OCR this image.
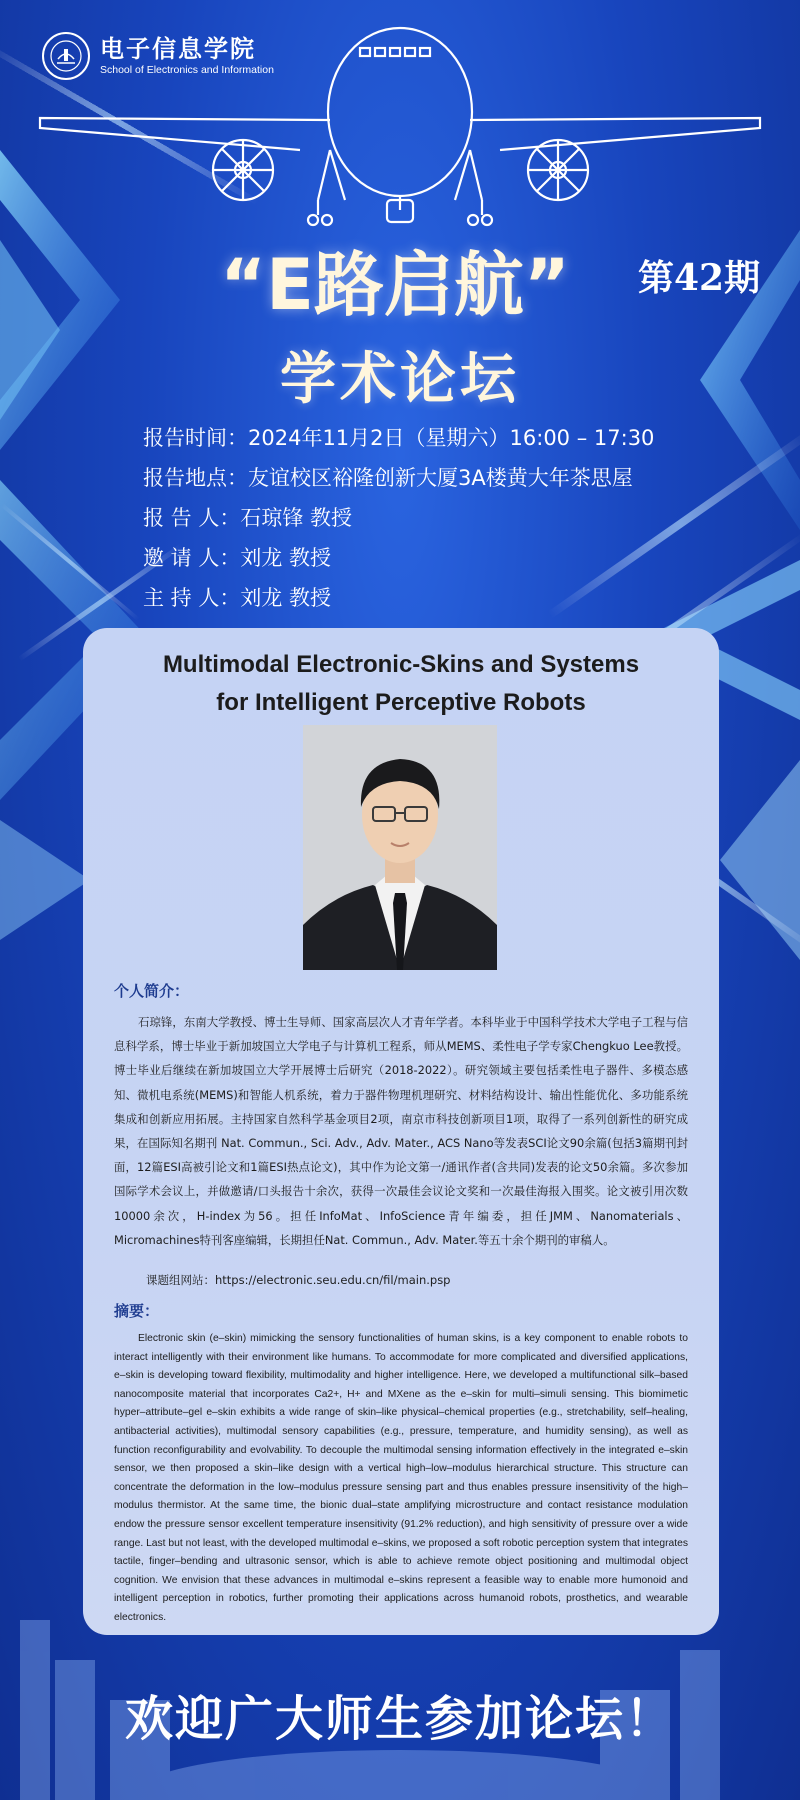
电子信息学院
School of Electronics and Information
“E路启航”	第42期
学术论坛
报告时间： 2024年11月2日（星期六）16:00 – 17:30
报告地点： 友谊校区裕隆创新大厦3A楼黄大年茶思屋
报 告 人： 石琼锋 教授
邀 请 人： 刘龙 教授
主 持 人： 刘龙 教授
Multimodal Electronic-Skins and Systems
for Intelligent Perceptive Robots
个人简介：
石琼锋，东南大学教授、博士生导师、国家高层次人才青年学者。本科毕业于中国科学技术大学电子工程与信息科学系，博士毕业于新加坡国立大学电子与计算机工程系，师从MEMS、柔性电子学专家Chengkuo Lee教授。博士毕业后继续在新加坡国立大学开展博士后研究（2018-2022）。研究领域主要包括柔性电子器件、多模态感知、微机电系统(MEMS)和智能人机系统，着力于器件物理机理研究、材料结构设计、输出性能优化、多功能系统集成和创新应用拓展。主持国家自然科学基金项目2项，南京市科技创新项目1项，取得了一系列创新性的研究成果，在国际知名期刊 Nat. Commun., Sci. Adv., Adv. Mater., ACS Nano等发表SCI论文90余篇(包括3篇期刊封面，12篇ESI高被引论文和1篇ESI热点论文)，其中作为论文第一/通讯作者(含共同)发表的论文50余篇。多次参加国际学术会议上，并做邀请/口头报告十余次，获得一次最佳会议论文奖和一次最佳海报入围奖。论文被引用次数10000余次，H-index为56。担任InfoMat、InfoScience青年编委，担任JMM、Nanomaterials、Micromachines特刊客座编辑，长期担任Nat. Commun., Adv. Mater.等五十余个期刊的审稿人。
课题组网站：https://electronic.seu.edu.cn/fil/main.psp
摘要：
Electronic skin (e–skin) mimicking the sensory functionalities of human skins, is a key component to enable robots to interact intelligently with their environment like humans. To accommodate for more complicated and diversified applications, e–skin is developing toward flexibility, multimodality and higher intelligence. Here, we developed a multifunctional silk–based nanocomposite material that incorporates Ca2+, H+ and MXene as the e–skin for multi–simuli sensing. This biomimetic hyper–attribute–gel e–skin exhibits a wide range of skin–like physical–chemical properties (e.g., stretchability, self–healing, antibacterial activities), multimodal sensory capabilities (e.g., pressure, temperature, and humidity sensing), as well as function reconfigurability and evolvability. To decouple the multimodal sensing information effectively in the integrated e–skin sensor, we then proposed a skin–like design with a vertical high–low–modulus hierarchical structure. This structure can concentrate the deformation in the low–modulus pressure sensing part and thus enables pressure insensitivity of the high–modulus thermistor. At the same time, the bionic dual–state amplifying microstructure and contact resistance modulation endow the pressure sensor excellent temperature insensitivity (91.2% reduction), and high sensitivity of pressure over a wide range. Last but not least, with the developed multimodal e–skins, we proposed a soft robotic perception system that integrates tactile, finger–bending and ultrasonic sensor, which is able to achieve remote object positioning and multimodal object cognition. We envision that these advances in multimodal e–skins represent a feasible way to enable more humonoid and intelligent perception in robotics, further promoting their applications across humanoid robots, prosthetics, and wearable electronics.
欢迎广大师生参加论坛！
